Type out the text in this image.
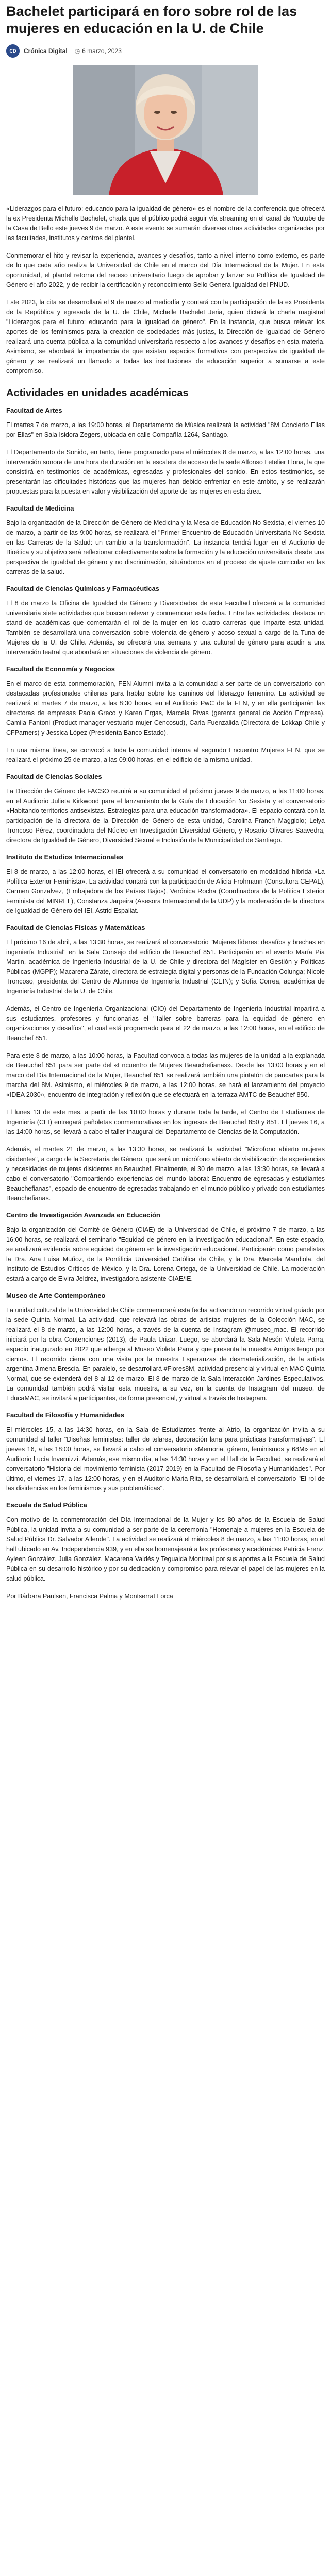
Bachelet participará en foro sobre rol de las mujeres en educación en la U. de Chile
CD	Crónica Digital ◷ 6 marzo, 2023

«Liderazgos para el futuro: educando para la igualdad de género» es el nombre de la conferencia que ofrecerá la ex Presidenta Michelle Bachelet, charla que el público podrá seguir vía streaming en el canal de Youtube de la Casa de Bello este jueves 9 de marzo. A este evento se sumarán diversas otras actividades organizadas por las facultades, institutos y centros del plantel.

Conmemorar el hito y revisar la experiencia, avances y desafíos, tanto a nivel interno como externo, es parte de lo que cada año realiza la Universidad de Chile en el marco del Día Internacional de la Mujer. En esta oportunidad, el plantel retorna del receso universitario luego de aprobar y lanzar su Política de Igualdad de Género el año 2022, y de recibir la certificación y reconocimiento Sello Genera Igualdad del PNUD.

Este 2023, la cita se desarrollará el 9 de marzo al mediodía y contará con la participación de la ex Presidenta de la República y egresada de la U. de Chile, Michelle Bachelet Jeria, quien dictará la charla magistral "Liderazgos para el futuro: educando para la igualdad de género". En la instancia, que busca relevar los aportes de los feminismos para la creación de sociedades más justas, la Dirección de Igualdad de Género realizará una cuenta pública a la comunidad universitaria respecto a los avances y desafíos en esta materia. Asimismo, se abordará la importancia de que existan espacios formativos con perspectiva de igualdad de género y se realizará un llamado a todas las instituciones de educación superior a sumarse a este compromiso.

Actividades en unidades académicas
Facultad de Artes

El martes 7 de marzo, a las 19:00 horas, el Departamento de Música realizará la actividad "8M Concierto Ellas por Ellas" en Sala Isidora Zegers, ubicada en calle Compañía 1264, Santiago.

El Departamento de Sonido, en tanto, tiene programado para el miércoles 8 de marzo, a las 12:00 horas, una intervención sonora de una hora de duración en la escalera de acceso de la sede Alfonso Letelier Llona, la que consistirá en testimonios de académicas, egresadas y profesionales del sonido. En estos testimonios, se presentarán las dificultades históricas que las mujeres han debido enfrentar en este ámbito, y se realizarán propuestas para la puesta en valor y visibilización del aporte de las mujeres en esta área.

Facultad de Medicina

Bajo la organización de la Dirección de Género de Medicina y la Mesa de Educación No Sexista, el viernes 10 de marzo, a partir de las 9:00 horas, se realizará el "Primer Encuentro de Educación Universitaria No Sexista en las Carreras de la Salud: un cambio a la transformación". La instancia tendrá lugar en el Auditorio de Bioética y su objetivo será reflexionar colectivamente sobre la formación y la educación universitaria desde una perspectiva de igualdad de género y no discriminación, situándonos en el proceso de ajuste curricular en las carreras de la salud.

Facultad de Ciencias Químicas y Farmacéuticas

El 8 de marzo la Oficina de Igualdad de Género y Diversidades de esta Facultad ofrecerá a la comunidad universitaria siete actividades que buscan relevar y conmemorar esta fecha. Entre las actividades, destaca un stand de académicas que comentarán el rol de la mujer en los cuatro carreras que imparte esta unidad. También se desarrollará una conversación sobre violencia de género y acoso sexual a cargo de la Tuna de Mujeres de la U. de Chile. Además, se ofrecerá una semana y una cultural de género para acudir a una intervención teatral que abordará en situaciones de violencia de género.

Facultad de Economía y Negocios

En el marco de esta conmemoración, FEN Alumni invita a la comunidad a ser parte de un conversatorio con destacadas profesionales chilenas para hablar sobre los caminos del liderazgo femenino. La actividad se realizará el martes 7 de marzo, a las 8:30 horas, en el Auditorio PwC de la FEN, y en ella participarán las directoras de empresas Paola Greco y Karen Ergas, Marcela Rivas (gerenta general de Acción Empresa), Camila Fantoni (Product manager vestuario mujer Cencosud), Carla Fuenzalida (Directora de Lokkap Chile y CFParners) y Jessica López (Presidenta Banco Estado).

En una misma línea, se convocó a toda la comunidad interna al segundo Encuentro Mujeres FEN, que se realizará el próximo 25 de marzo, a las 09:00 horas, en el edificio de la misma unidad.

Facultad de Ciencias Sociales

La Dirección de Género de FACSO reunirá a su comunidad el próximo jueves 9 de marzo, a las 11:00 horas, en el Auditorio Julieta Kirkwood para el lanzamiento de la Guía de Educación No Sexista y el conversatorio «Habitando territorios antisexistas. Estrategias para una educación transformadora». El espacio contará con la participación de la directora de la Dirección de Género de esta unidad, Carolina Franch Maggiolo; Lelya Troncoso Pérez, coordinadora del Núcleo en Investigación Diversidad Género, y Rosario Olivares Saavedra, directora de Igualdad de Género, Diversidad Sexual e Inclusión de la Municipalidad de Santiago.

Instituto de Estudios Internacionales

El 8 de marzo, a las 12:00 horas, el IEI ofrecerá a su comunidad el conversatorio en modalidad híbrida «La Política Exterior Feminista». La actividad contará con la participación de Alicia Frohmann (Consultora CEPAL), Carmen Gonzalvez, (Embajadora de los Países Bajos), Verónica Rocha (Coordinadora de la Política Exterior Feminista del MINREL), Constanza Jarpeira (Asesora Internacional de la UDP) y la moderación de la directora de Igualdad de Género del IEI, Astrid Espaliat.

Facultad de Ciencias Físicas y Matemáticas

El próximo 16 de abril, a las 13:30 horas, se realizará el conversatorio "Mujeres líderes: desafíos y brechas en ingeniería Industrial" en la Sala Consejo del edificio de Beauchef 851. Participarán en el evento María Pía Martin, académica de Ingeniería Industrial de la U. de Chile y directora del Magíster en Gestión y Políticas Públicas (MGPP); Macarena Zárate, directora de estrategia digital y personas de la Fundación Colunga; Nicole Troncoso, presidenta del Centro de Alumnos de Ingeniería Industrial (CEIN); y Sofía Correa, académica de Ingeniería Industrial de la U. de Chile.

Además, el Centro de Ingeniería Organizacional (CIO) del Departamento de Ingeniería Industrial impartirá a sus estudiantes, profesores y funcionarias el "Taller sobre barreras para la equidad de género en organizaciones y desafíos", el cual está programado para el 22 de marzo, a las 12:00 horas, en el edificio de Beauchef 851.

Para este 8 de marzo, a las 10:00 horas, la Facultad convoca a todas las mujeres de la unidad a la explanada de Beauchef 851 para ser parte del «Encuentro de Mujeres Beauchefianas». Desde las 13:00 horas y en el marco del Día Internacional de la Mujer, Beauchef 851 se realizará también una pintatón de pancartas para la marcha del 8M. Asimismo, el miércoles 9 de marzo, a las 12:00 horas, se hará el lanzamiento del proyecto «IDEA 2030», encuentro de integración y reflexión que se efectuará en la terraza AMTC de Beauchef 850.

El lunes 13 de este mes, a partir de las 10:00 horas y durante toda la tarde, el Centro de Estudiantes de Ingeniería (CEI) entregará pañoletas conmemorativas en los ingresos de Beauchef 850 y 851. El jueves 16, a las 14:00 horas, se llevará a cabo el taller inaugural del Departamento de Ciencias de la Computación.

Además, el martes 21 de marzo, a las 13:30 horas, se realizará la actividad "Microfono abierto mujeres disidentes", a cargo de la Secretaría de Género, que será un micrófono abierto de visibilización de experiencias y necesidades de mujeres disidentes en Beauchef. Finalmente, el 30 de marzo, a las 13:30 horas, se llevará a cabo el conversatorio "Compartiendo experiencias del mundo laboral: Encuentro de egresadas y estudiantes Beauchefianas", espacio de encuentro de egresadas trabajando en el mundo público y privado con estudiantes Beauchefianas.

Centro de Investigación Avanzada en Educación

Bajo la organización del Comité de Género (CIAE) de la Universidad de Chile, el próximo 7 de marzo, a las 16:00 horas, se realizará el seminario "Equidad de género en la investigación educacional". En este espacio, se analizará evidencia sobre equidad de género en la investigación educacional. Participarán como panelistas la Dra. Ana Luisa Muñoz, de la Pontificia Universidad Católica de Chile, y la Dra. Marcela Mandiola, del Instituto de Estudios Críticos de México, y la Dra. Lorena Ortega, de la Universidad de Chile. La moderación estará a cargo de Elvira Jeldrez, investigadora asistente CIAE/IE.

Museo de Arte Contemporáneo

La unidad cultural de la Universidad de Chile conmemorará esta fecha activando un recorrido virtual guiado por la sede Quinta Normal. La actividad, que relevará las obras de artistas mujeres de la Colección MAC, se realizará el 8 de marzo, a las 12:00 horas, a través de la cuenta de Instagram @museo_mac. El recorrido iniciará por la obra Contenciones (2013), de Paula Urizar. Luego, se abordará la Sala Mesón Violeta Parra, espacio inaugurado en 2022 que alberga al Museo Violeta Parra y que presenta la muestra Amigos tengo por cientos. El recorrido cierra con una visita por la muestra Esperanzas de desmaterialización, de la artista argentina Jimena Brescia. En paralelo, se desarrollará #Flores8M, actividad presencial y virtual en MAC Quinta Normal, que se extenderá del 8 al 12 de marzo. El 8 de marzo de la Sala Interacción Jardines Especulativos. La comunidad también podrá visitar esta muestra, a su vez, en la cuenta de Instagram del museo, de EducaMAC, se invitará a participantes, de forma presencial, y virtual a través de Instagram.

Facultad de Filosofía y Humanidades

El miércoles 15, a las 14:30 horas, en la Sala de Estudiantes frente al Atrio, la organización invita a su comunidad al taller "Diseñas feministas: taller de telares, decoración lana para prácticas transformativas". El jueves 16, a las 18:00 horas, se llevará a cabo el conversatorio «Memoria, género, feminismos y 68M» en el Auditorio Lucía Invernizzi. Además, ese mismo día, a las 14:30 horas y en el Hall de la Facultad, se realizará el conversatorio "Historia del movimiento feminista (2017-2019) en la Facultad de Filosofía y Humanidades". Por último, el viernes 17, a las 12:00 horas, y en el Auditorio Maria Rita, se desarrollará el conversatorio "El rol de las disidencias en los feminismos y sus problemáticas".

Escuela de Salud Pública

Con motivo de la conmemoración del Día Internacional de la Mujer y los 80 años de la Escuela de Salud Pública, la unidad invita a su comunidad a ser parte de la ceremonia "Homenaje a mujeres en la Escuela de Salud Pública Dr. Salvador Allende". La actividad se realizará el miércoles 8 de marzo, a las 11:00 horas, en el hall ubicado en Av. Independencia 939, y en ella se homenajeará a las profesoras y académicas Patricia Frenz, Ayleen González, Julia González, Macarena Valdés y Teguaida Montreal por sus aportes a la Escuela de Salud Pública en su desarrollo histórico y por su dedicación y compromiso para relevar el papel de las mujeres en la salud pública.

Por Bárbara Paulsen, Francisca Palma y Montserrat Lorca
